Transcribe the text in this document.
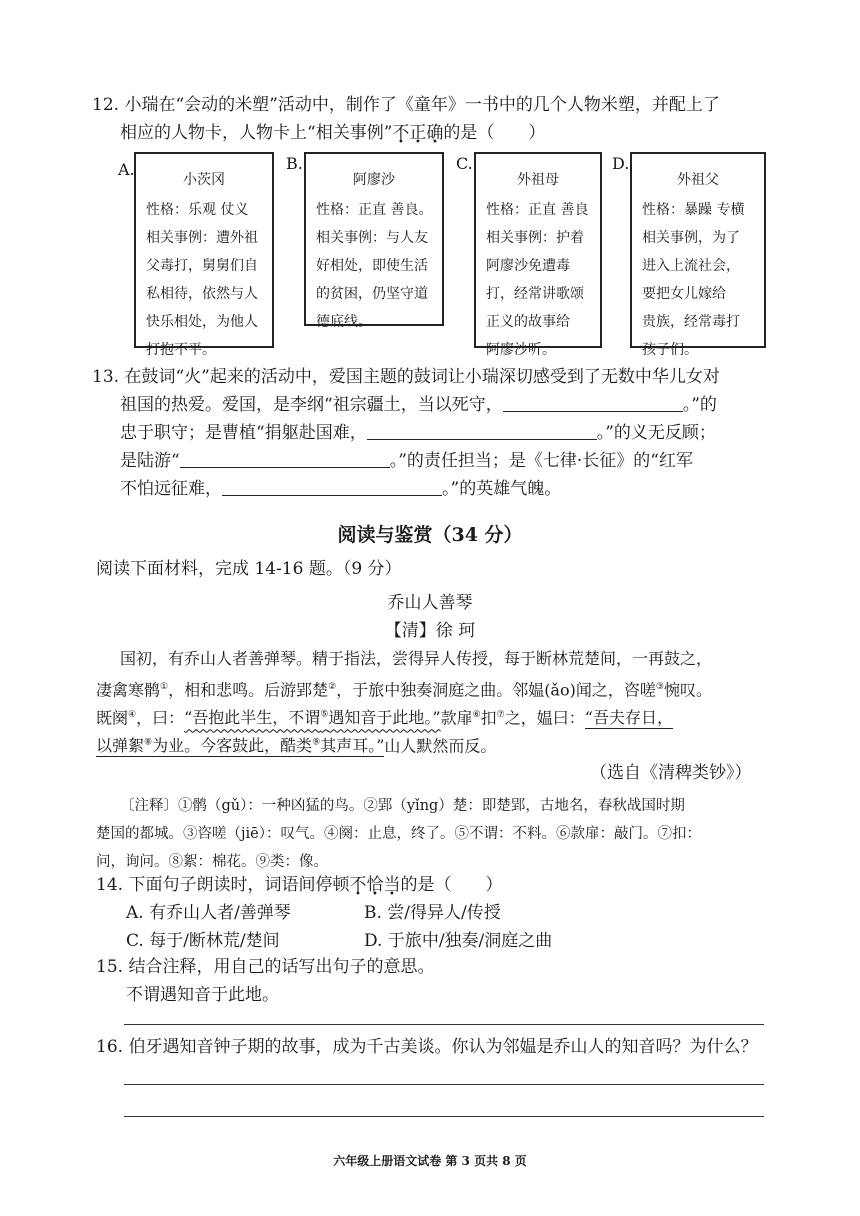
12. 小瑞在“会动的米塑”活动中，制作了《童年》一书中的几个人物米塑，并配上了
相应的人物卡，人物卡上“相关事例”不正确的是（　　）
A.
小茨冈
性格：乐观 仗义
相关事例：遭外祖
父毒打，舅舅们自
私相待，依然与人
快乐相处，为他人
打抱不平。
B.
阿廖沙
性格：正直 善良。
相关事例：与人友
好相处，即使生活
的贫困，仍坚守道
德底线。
C.
外祖母
性格：正直 善良
相关事例：护着
阿廖沙免遭毒
打，经常讲歌颂
正义的故事给
阿廖沙听。
D.
外祖父
性格：暴躁 专横
相关事例，为了
进入上流社会，
要把女儿嫁给
贵族，经常毒打
孩子们。
13. 在鼓词“火”起来的活动中，爱国主题的鼓词让小瑞深切感受到了无数中华儿女对
祖国的热爱。爱国，是李纲“祖宗疆土，当以死守，	。”的
忠于职守；是曹植“捐躯赴国难，	。”的义无反顾；
是陆游“	。”的责任担当；是《七律·长征》的“红军
不怕远征难，	。”的英雄气魄。
阅读与鉴赏（34 分）
阅读下面材料，完成 14-16 题。（9 分）
乔山人善琴
【清】徐 珂
国初，有乔山人者善弹琴。精于指法，尝得异人传授，每于断林荒楚间，一再鼓之，
凄禽寒鹘①，相和悲鸣。后游郢楚②，于旅中独奏洞庭之曲。邻媪(ǎo)闻之，咨嗟③惋叹。
既阕④，曰：“吾抱此半生，不谓⑤遇知音于此地。”款扉⑥扣⑦之，媪曰：“吾夫存日，
以弹絮⑧为业。今客鼓此，酷类⑨其声耳。”山人默然而反。
（选自《清稗类钞》）
〔注释〕①鹘（gǔ）：一种凶猛的鸟。②郢（yǐng）楚：即楚郢，古地名，春秋战国时期
楚国的都城。③咨嗟（jiē）：叹气。④阕：止息，终了。⑤不谓：不料。⑥款扉：敲门。⑦扣：
问，询问。⑧絮：棉花。⑨类：像。
14. 下面句子朗读时，词语间停顿不恰当的是（　　）
A. 有乔山人者/善弹琴	B. 尝/得异人/传授
C. 每于/断林荒/楚间	D. 于旅中/独奏/洞庭之曲
15. 结合注释，用自己的话写出句子的意思。
不谓遇知音于此地。
16. 伯牙遇知音钟子期的故事，成为千古美谈。你认为邻媪是乔山人的知音吗？为什么？
六年级上册语文试卷 第 3 页共 8 页
